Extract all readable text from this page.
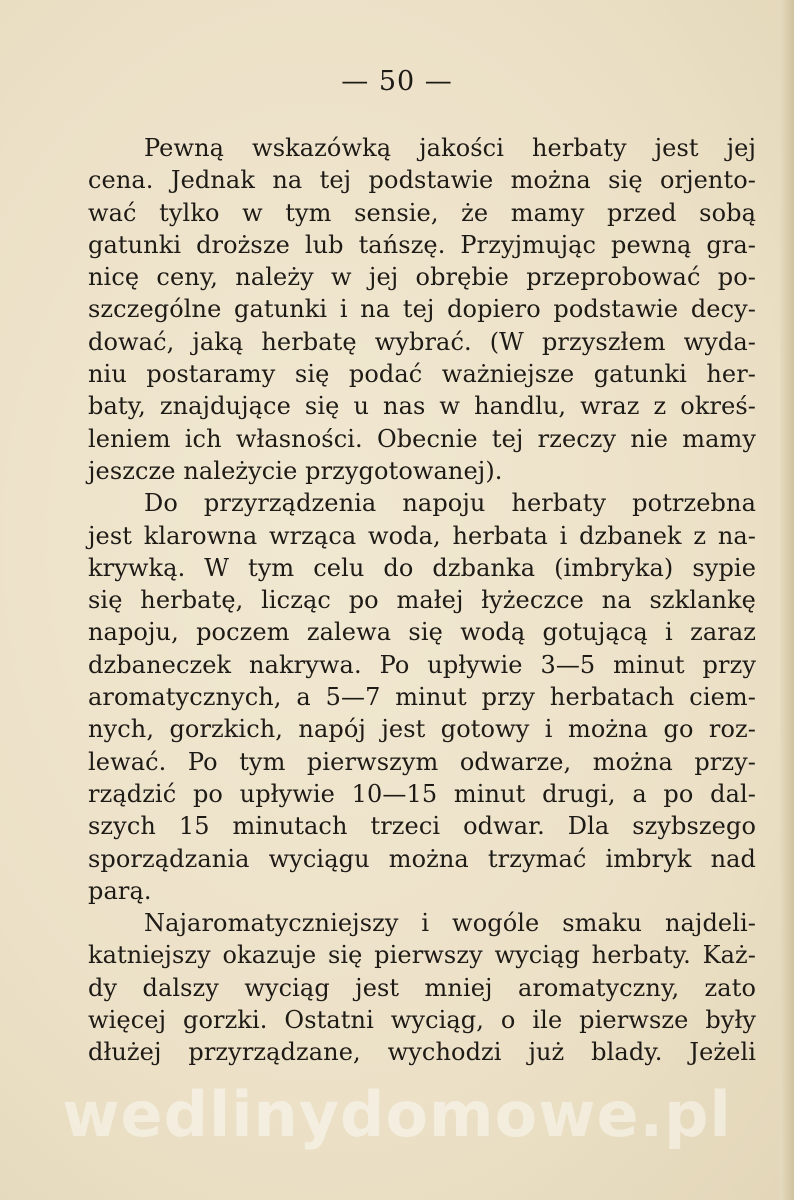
— 50 —
Pewną wskazówką jakości herbaty jest jej
cena. Jednak na tej podstawie można się orjento-
wać tylko w tym sensie, że mamy przed sobą
gatunki droższe lub tańszę. Przyjmując pewną gra-
nicę ceny, należy w jej obrębie przeprobować po-
szczególne gatunki i na tej dopiero podstawie decy-
dować, jaką herbatę wybrać. (W przyszłem wyda-
niu postaramy się podać ważniejsze gatunki her-
baty, znajdujące się u nas w handlu, wraz z okreś-
leniem ich własności. Obecnie tej rzeczy nie mamy
jeszcze należycie przygotowanej).
Do przyrządzenia napoju herbaty potrzebna
jest klarowna wrząca woda, herbata i dzbanek z na-
krywką. W tym celu do dzbanka (imbryka) sypie
się herbatę, licząc po małej łyżeczce na szklankę
napoju, poczem zalewa się wodą gotującą i zaraz
dzbaneczek nakrywa. Po upływie 3—5 minut przy
aromatycznych, a 5—7 minut przy herbatach ciem-
nych, gorzkich, napój jest gotowy i można go roz-
lewać. Po tym pierwszym odwarze, można przy-
rządzić po upływie 10—15 minut drugi, a po dal-
szych 15 minutach trzeci odwar. Dla szybszego
sporządzania wyciągu można trzymać imbryk nad
parą.
Najaromatyczniejszy i wogóle smaku najdeli-
katniejszy okazuje się pierwszy wyciąg herbaty. Każ-
dy dalszy wyciąg jest mniej aromatyczny, zato
więcej gorzki. Ostatni wyciąg, o ile pierwsze były
dłużej przyrządzane, wychodzi już blady. Jeżeli
wedlinydomowe.pl
